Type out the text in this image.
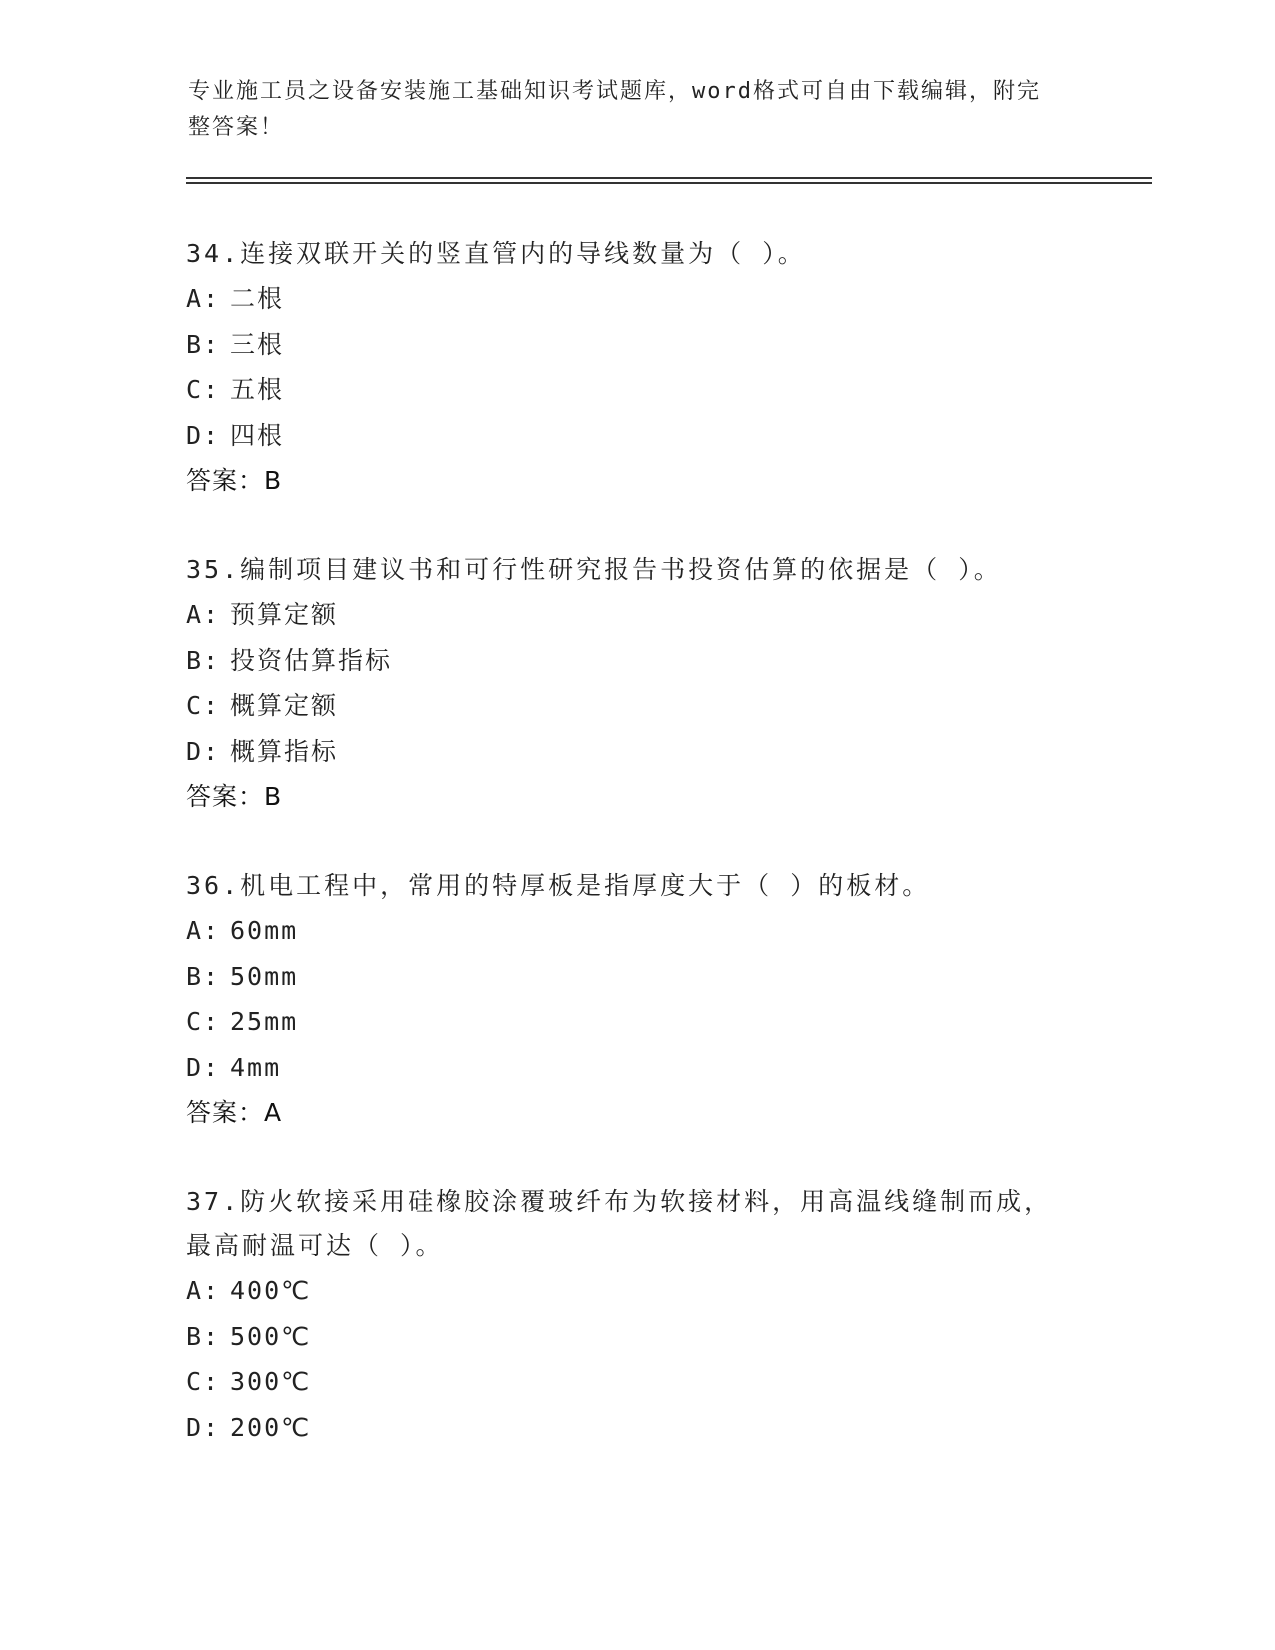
专业施工员之设备安装施工基础知识考试题库，word格式可自由下载编辑，附完
整答案！

34.连接双联开关的竖直管内的导线数量为（ ）。

A: 二根

B: 三根

C: 五根

D: 四根

答案：B

35.编制项目建议书和可行性研究报告书投资估算的依据是（ ）。

A: 预算定额

B: 投资估算指标

C: 概算定额

D: 概算指标

答案：B

36.机电工程中，常用的特厚板是指厚度大于（ ）的板材。

A: 60mm

B: 50mm

C: 25mm

D: 4mm

答案：A

37.防火软接采用硅橡胶涂覆玻纤布为软接材料，用高温线缝制而成，

最高耐温可达（ ）。

A: 400℃

B: 500℃

C: 300℃

D: 200℃
